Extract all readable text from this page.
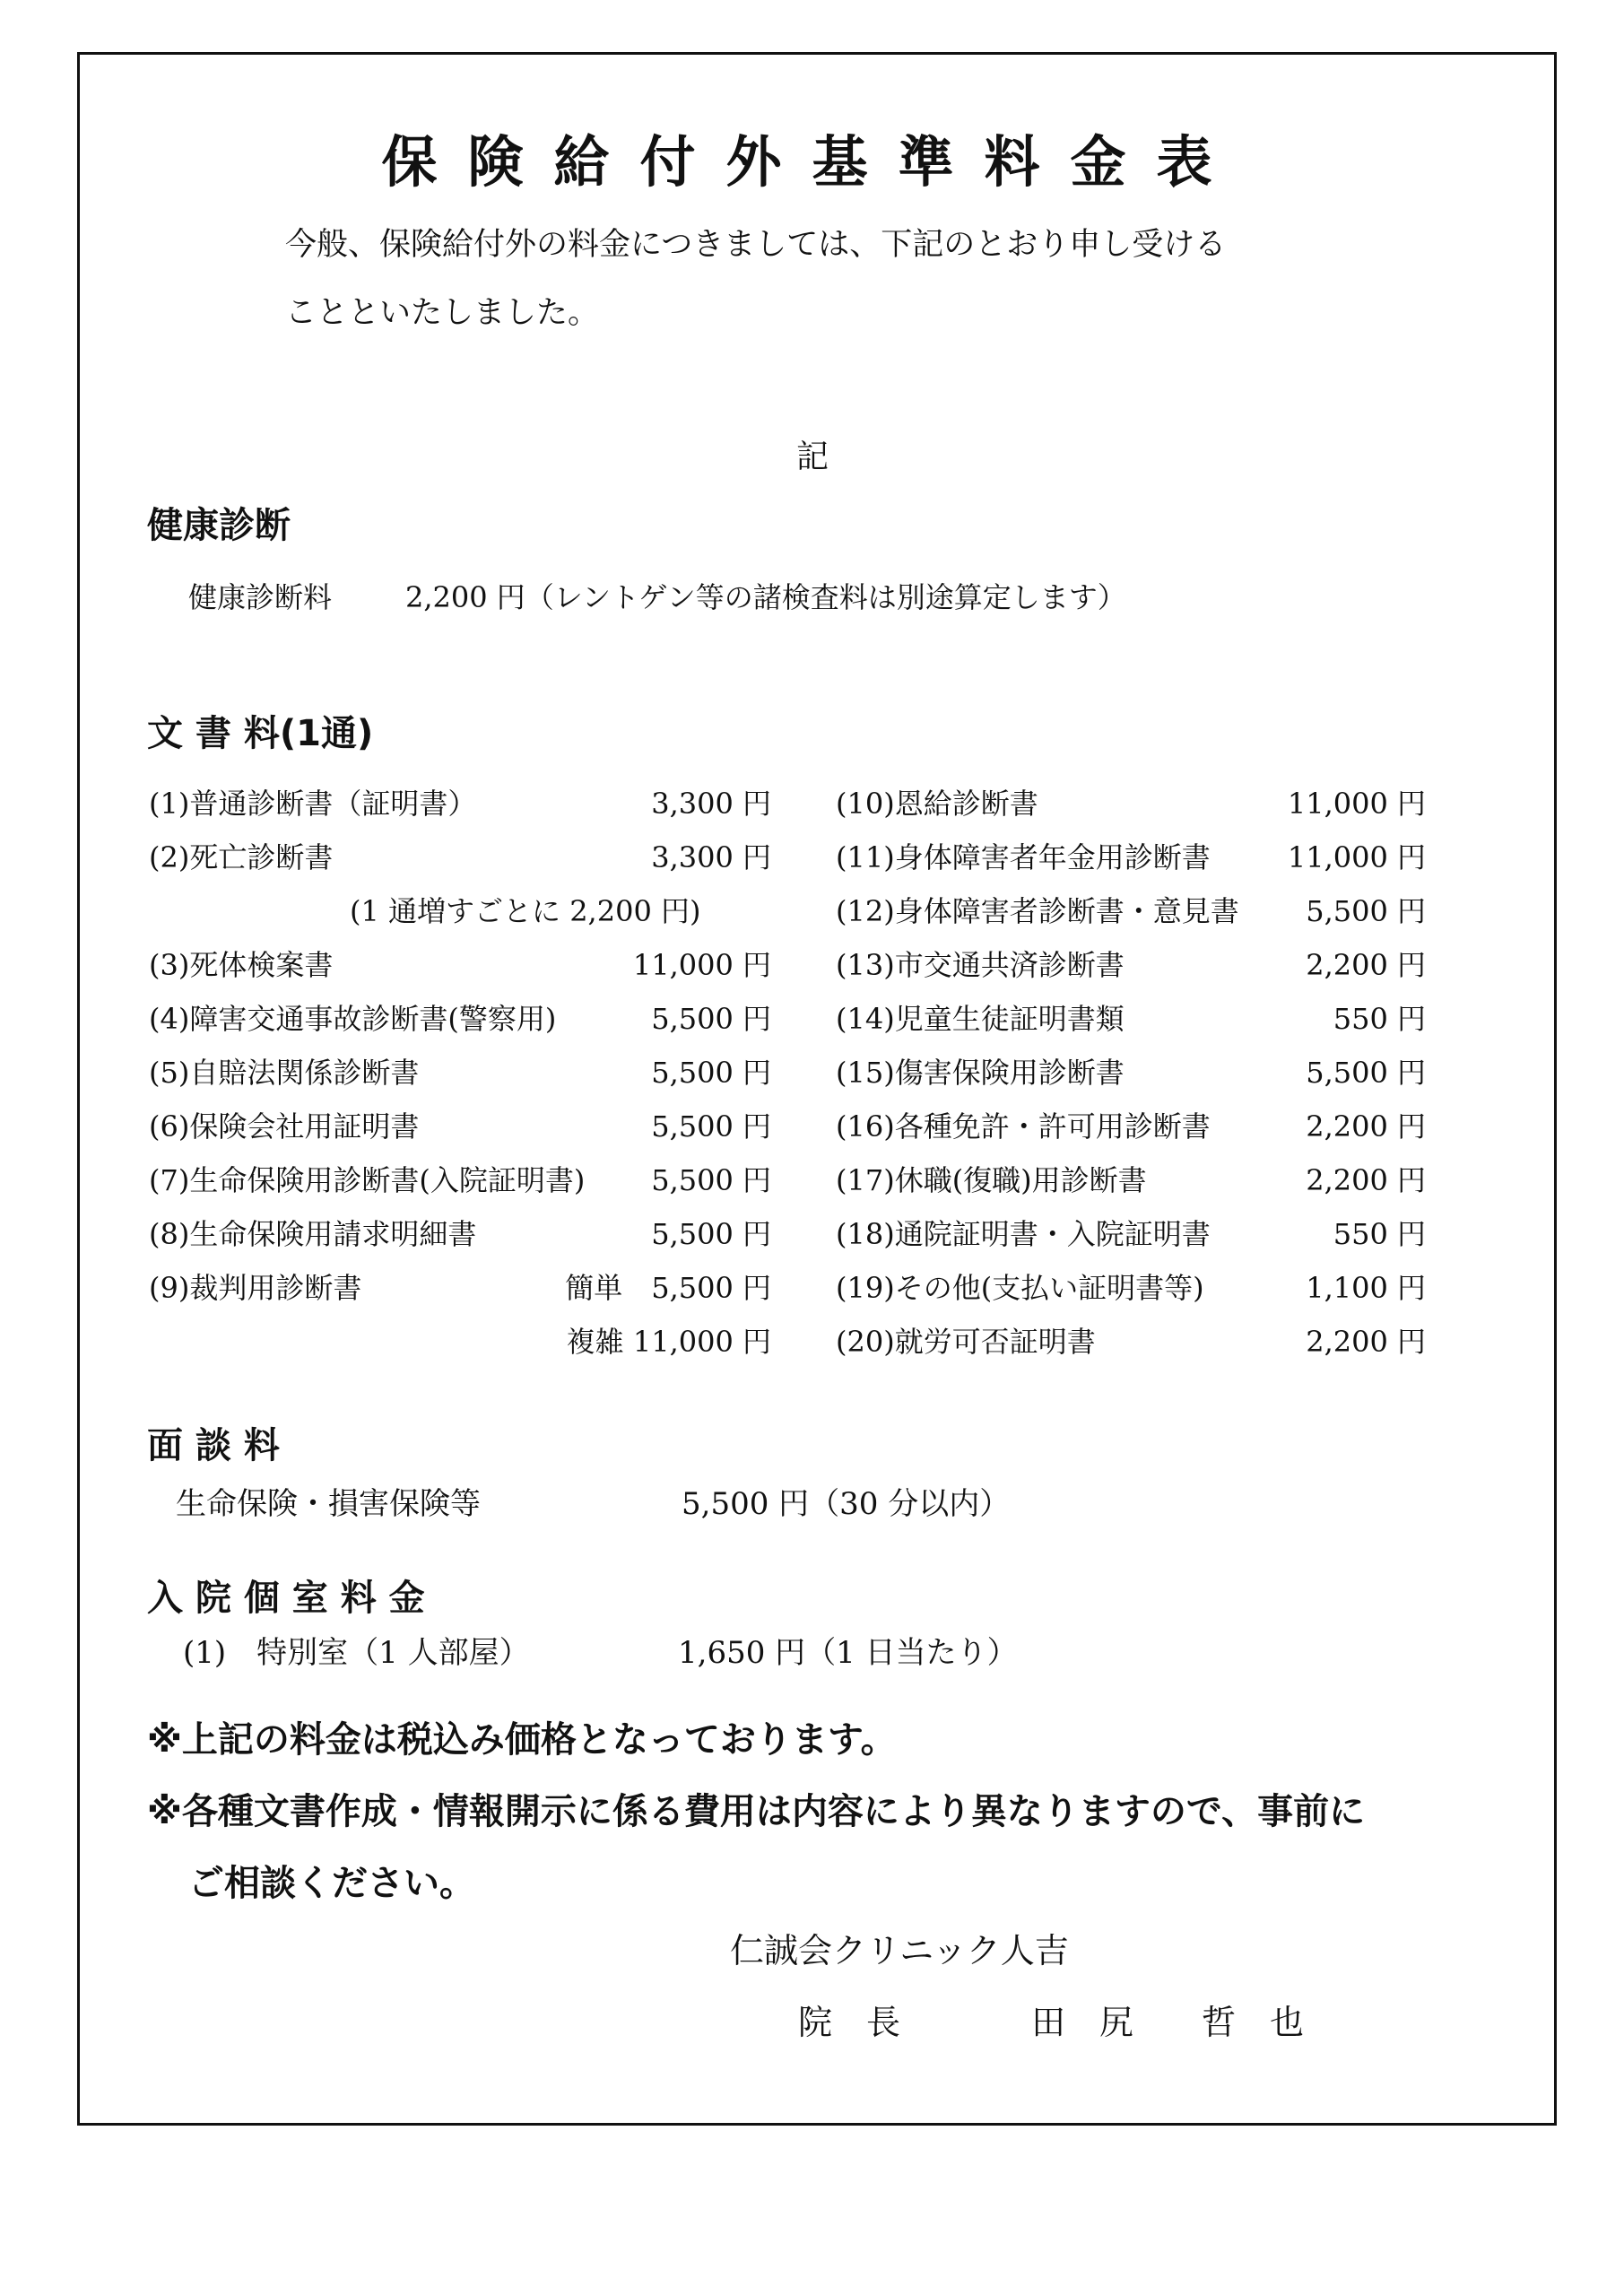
保険給付外基準料金表
今般、保険給付外の料金につきましては、下記のとおり申し受ける
ことといたしました。
記
健康診断
健康診断料	2,200 円（レントゲン等の諸検査料は別途算定します）
文 書 料(1通)
(1)普通診断書（証明書）	3,300 円
(2)死亡診断書	3,300 円
(1 通増すごとに 2,200 円)
(3)死体検案書	11,000 円
(4)障害交通事故診断書(警察用)	5,500 円
(5)自賠法関係診断書	5,500 円
(6)保険会社用証明書	5,500 円
(7)生命保険用診断書(入院証明書) 5,500 円
(8)生命保険用請求明細書	5,500 円
(9)裁判用診断書	簡単　5,500 円
複雑 11,000 円
(10)恩給診断書	11,000 円
(11)身体障害者年金用診断書	11,000 円
(12)身体障害者診断書・意見書 5,500 円
(13)市交通共済診断書	2,200 円
(14)児童生徒証明書類	550 円
(15)傷害保険用診断書	5,500 円
(16)各種免許・許可用診断書	2,200 円
(17)休職(復職)用診断書	2,200 円
(18)通院証明書・入院証明書	550 円
(19)その他(支払い証明書等)	1,100 円
(20)就労可否証明書	2,200 円
面 談 料
生命保険・損害保険等	5,500 円（30 分以内）
入 院 個 室 料 金
(1)　特別室（1 人部屋）	1,650 円（1 日当たり）
※上記の料金は税込み価格となっております。
※各種文書作成・情報開示に係る費用は内容により異なりますので、事前に
ご相談ください。
仁誠会クリニック人吉
院　長	田　尻　　哲　也
